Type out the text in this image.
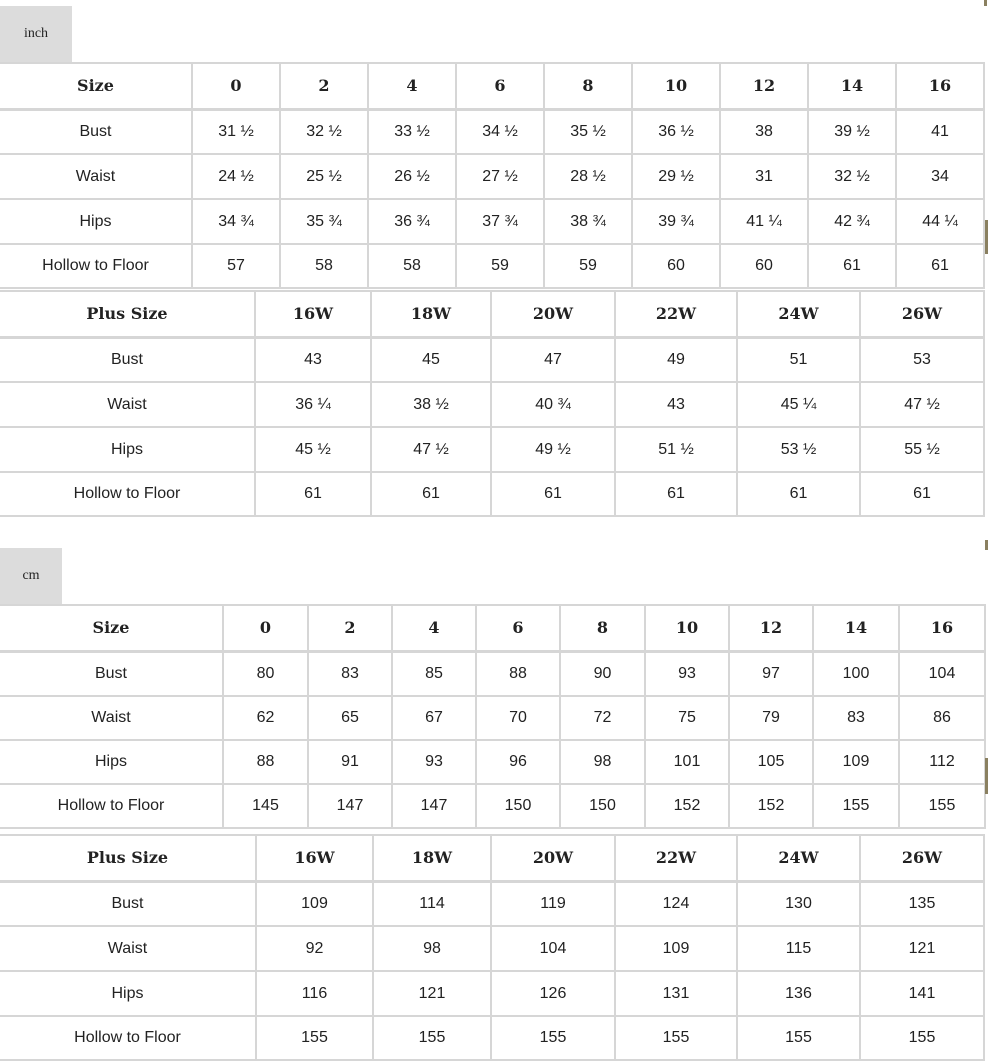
inch
Size	0	2	4	6	8	10	12	14	16
Bust	31 ½	32 ½	33 ½	34 ½	35 ½	36 ½	38	39 ½	41
Waist	24 ½	25 ½	26 ½	27 ½	28 ½	29 ½	31	32 ½	34
Hips	34 ¾	35 ¾	36 ¾	37 ¾	38 ¾	39 ¾	41 ¼	42 ¾	44 ¼
Hollow to Floor	57	58	58	59	59	60	60	61	61
Plus Size	16W	18W	20W	22W	24W	26W
Bust	43	45	47	49	51	53
Waist	36 ¼	38 ½	40 ¾	43	45 ¼	47 ½
Hips	45 ½	47 ½	49 ½	51 ½	53 ½	55 ½
Hollow to Floor	61	61	61	61	61	61
cm
Size	0	2	4	6	8	10	12	14	16
Bust	80	83	85	88	90	93	97	100	104
Waist	62	65	67	70	72	75	79	83	86
Hips	88	91	93	96	98	101	105	109	112
Hollow to Floor	145	147	147	150	150	152	152	155	155
Plus Size	16W	18W	20W	22W	24W	26W
Bust	109	114	119	124	130	135
Waist	92	98	104	109	115	121
Hips	116	121	126	131	136	141
Hollow to Floor	155	155	155	155	155	155
